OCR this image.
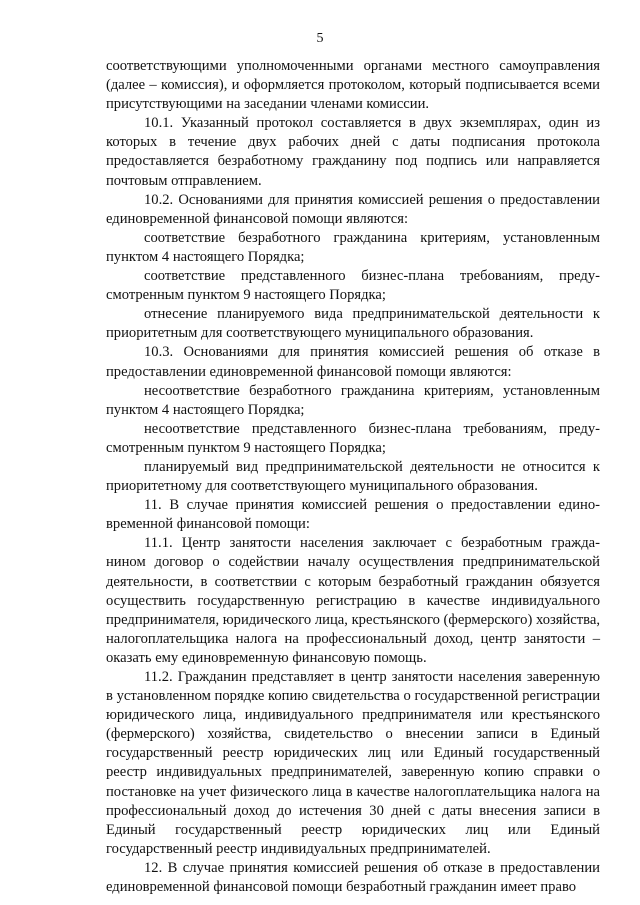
5

соответствующими уполномоченными органами местного самоуправления (далее – комиссия), и оформляется протоколом, который подписывается всеми присутствующими на заседании членами комиссии.

10.1. Указанный протокол составляется в двух экземплярах, один из которых в течение двух рабочих дней с даты подписания протокола предоставляется безработному гражданину под подпись или направляется почтовым отправлением.

10.2. Основаниями для принятия комиссией решения о предоставлении единовременной финансовой помощи являются:

соответствие безработного гражданина критериям, установленным пунктом 4 настоящего Порядка;

соответствие представленного бизнес-плана требованиям, преду-смотренным пунктом 9 настоящего Порядка;

отнесение планируемого вида предпринимательской деятельности к приоритетным для соответствующего муниципального образования.

10.3. Основаниями для принятия комиссией решения об отказе в предоставлении единовременной финансовой помощи являются:

несоответствие безработного гражданина критериям, установленным пунктом 4 настоящего Порядка;

несоответствие представленного бизнес-плана требованиям, преду-смотренным пунктом 9 настоящего Порядка;

планируемый вид предпринимательской деятельности не относится к приоритетному для соответствующего муниципального образования.

11. В случае принятия комиссией решения о предоставлении едино-временной финансовой помощи:

11.1. Центр занятости населения заключает с безработным гражда-нином договор о содействии началу осуществления предпринимательской деятельности, в соответствии с которым безработный гражданин обязуется осуществить государственную регистрацию в качестве индивидуального предпринимателя, юридического лица, крестьянского (фермерского) хозяйства, налогоплательщика налога на профессиональный доход, центр занятости – оказать ему единовременную финансовую помощь.

11.2. Гражданин представляет в центр занятости населения заверенную в установленном порядке копию свидетельства о государственной регистрации юридического лица, индивидуального предпринимателя или крестьянского (фермерского) хозяйства, свидетельство о внесении записи в Единый государственный реестр юридических лиц или Единый государственный реестр индивидуальных предпринимателей, заверенную копию справки о постановке на учет физического лица в качестве налогоплательщика налога на профессиональный доход до истечения 30 дней с даты внесения записи в Единый государственный реестр юридических лиц или Единый государственный реестр индивидуальных предпринимателей.

12. В случае принятия комиссией решения об отказе в предоставлении единовременной финансовой помощи безработный гражданин имеет право
